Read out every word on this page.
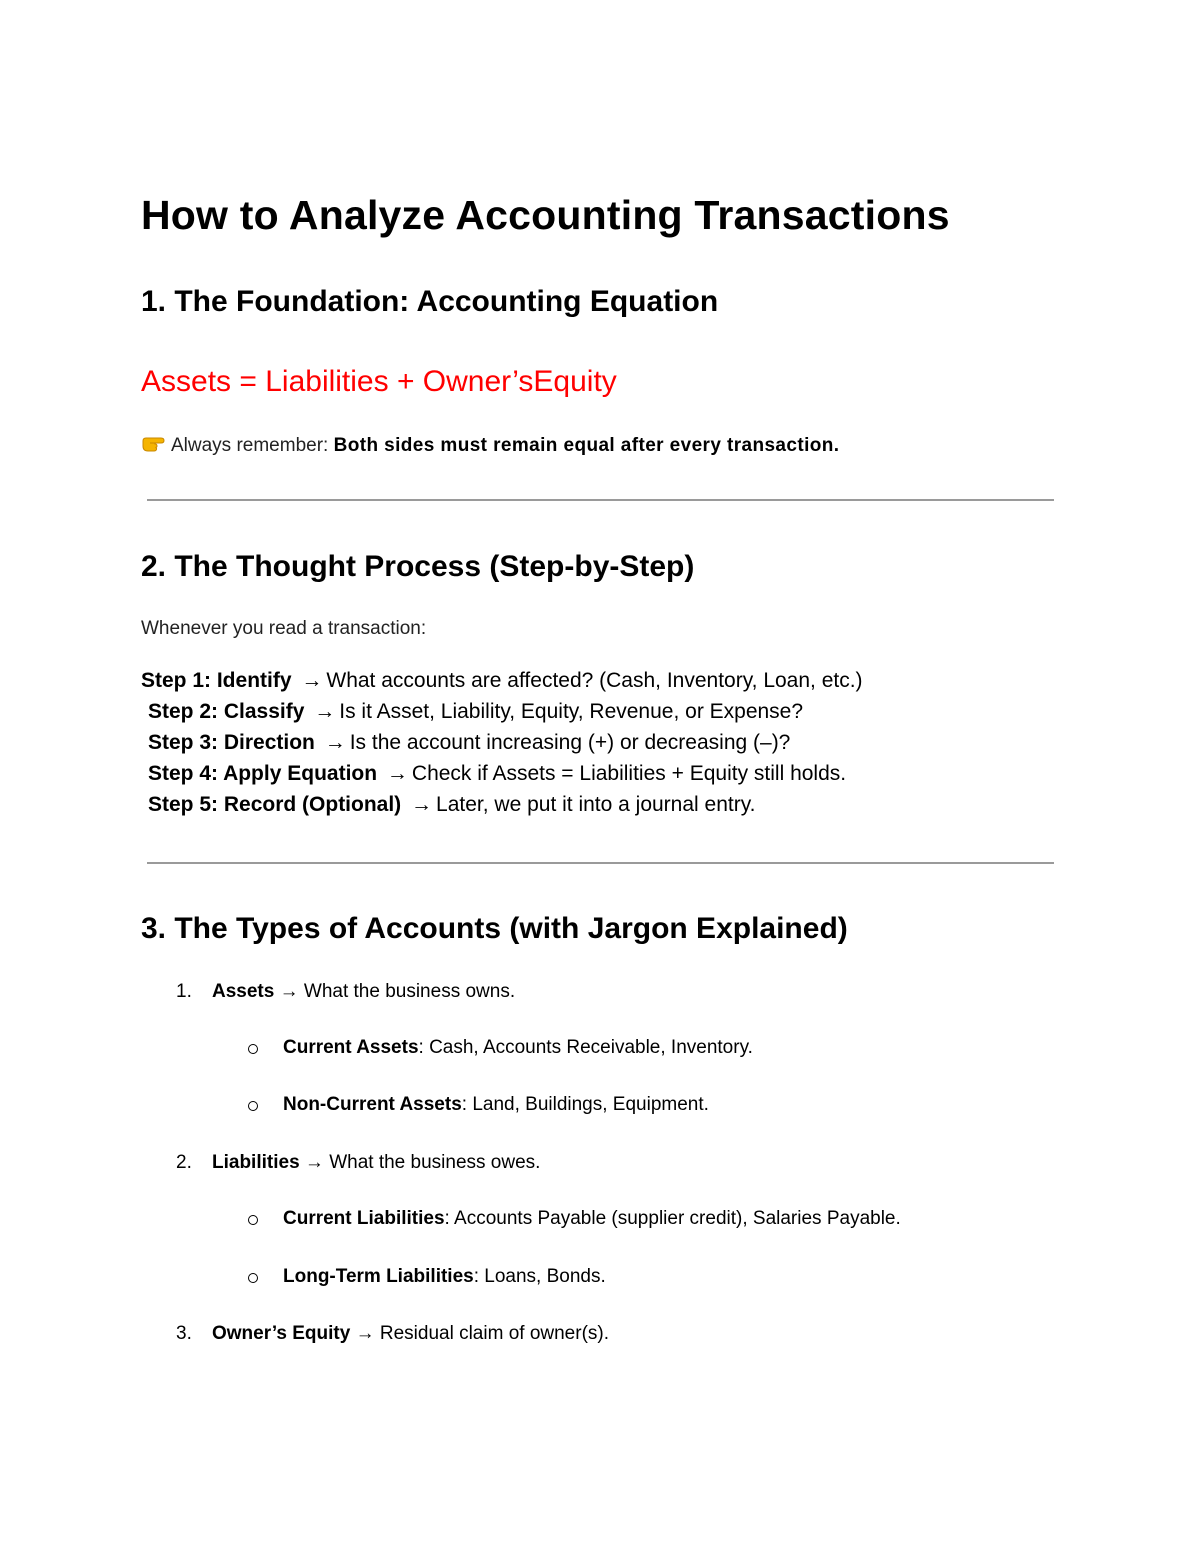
How to Analyze Accounting Transactions
1. The Foundation: Accounting Equation
Assets = Liabilities + Owner’sEquity
Always remember: Both sides must remain equal after every transaction.
2. The Thought Process (Step-by-Step)
Whenever you read a transaction:
Step 1: Identify → What accounts are affected? (Cash, Inventory, Loan, etc.)
Step 2: Classify → Is it Asset, Liability, Equity, Revenue, or Expense?
Step 3: Direction → Is the account increasing (+) or decreasing (–)?
Step 4: Apply Equation → Check if Assets = Liabilities + Equity still holds.
Step 5: Record (Optional) → Later, we put it into a journal entry.
3. The Types of Accounts (with Jargon Explained)
1. Assets → What the business owns.
Current Assets: Cash, Accounts Receivable, Inventory.
Non-Current Assets: Land, Buildings, Equipment.
2. Liabilities → What the business owes.
Current Liabilities: Accounts Payable (supplier credit), Salaries Payable.
Long-Term Liabilities: Loans, Bonds.
3. Owner’s Equity → Residual claim of owner(s).
